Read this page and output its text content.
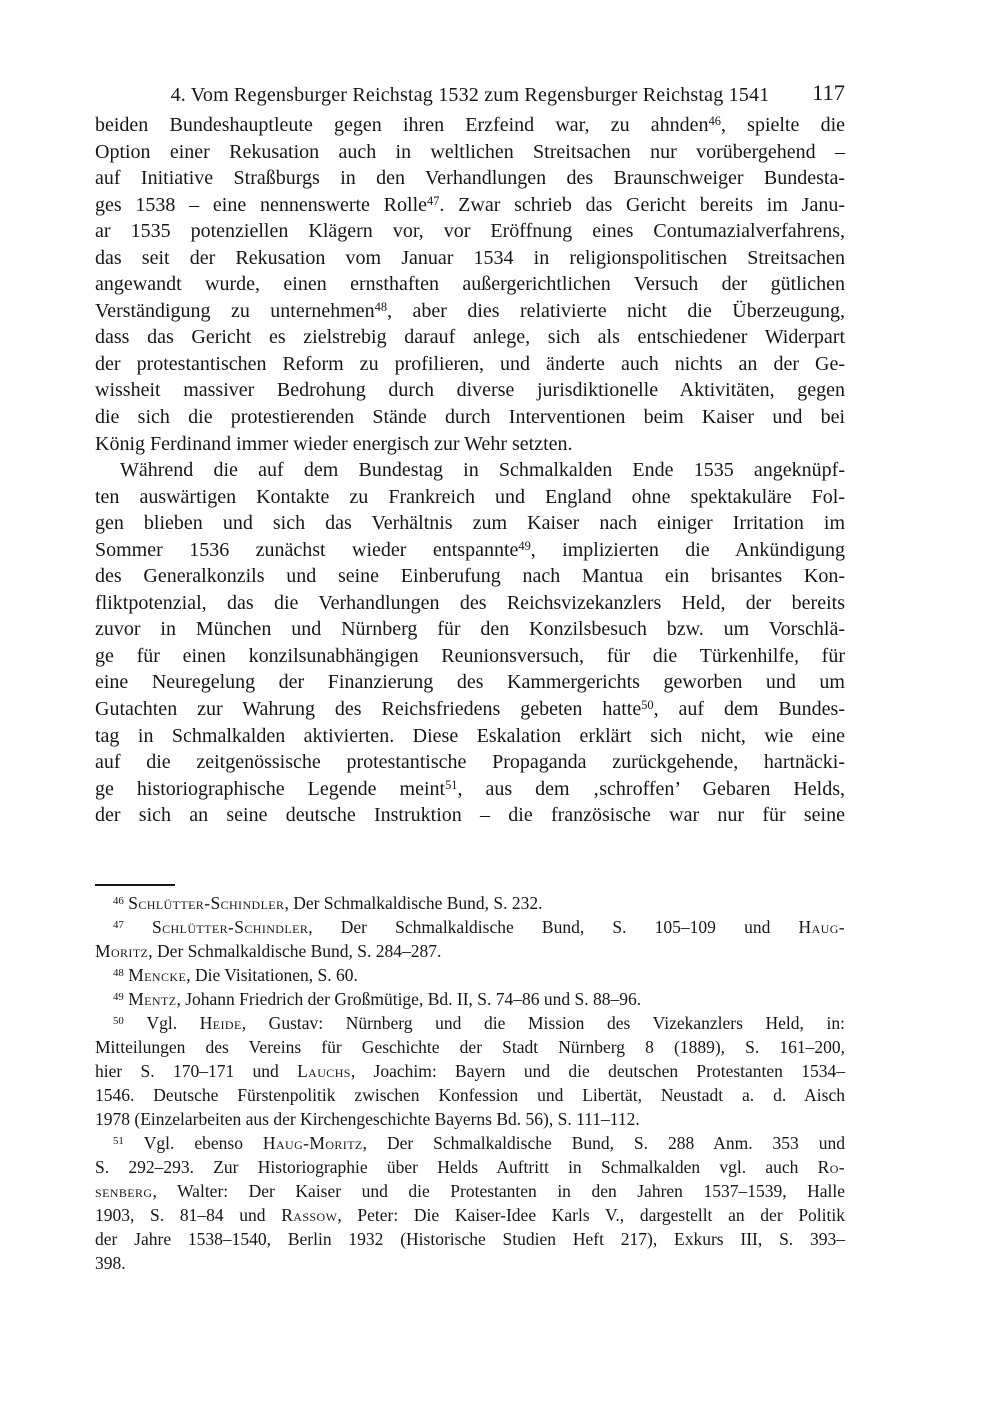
4. Vom Regensburger Reichstag 1532 zum Regensburger Reichstag 1541	117
beiden Bundeshauptleute gegen ihren Erzfeind war, zu ahnden$^{46}$, spielte die
Option einer Rekusation auch in weltlichen Streitsachen nur vorübergehend –
auf Initiative Straßburgs in den Verhandlungen des Braunschweiger Bundesta-
ges 1538 – eine nennenswerte Rolle$^{47}$. Zwar schrieb das Gericht bereits im Janu-
ar 1535 potenziellen Klägern vor, vor Eröffnung eines Contumazialverfahrens,
das seit der Rekusation vom Januar 1534 in religionspolitischen Streitsachen
angewandt wurde, einen ernsthaften außergerichtlichen Versuch der gütlichen
Verständigung zu unternehmen$^{48}$, aber dies relativierte nicht die Überzeugung,
dass das Gericht es zielstrebig darauf anlege, sich als entschiedener Widerpart
der protestantischen Reform zu profilieren, und änderte auch nichts an der Ge-
wissheit massiver Bedrohung durch diverse jurisdiktionelle Aktivitäten, gegen
die sich die protestierenden Stände durch Interventionen beim Kaiser und bei
König Ferdinand immer wieder energisch zur Wehr setzten.
Während die auf dem Bundestag in Schmalkalden Ende 1535 angeknüpf-
ten auswärtigen Kontakte zu Frankreich und England ohne spektakuläre Fol-
gen blieben und sich das Verhältnis zum Kaiser nach einiger Irritation im
Sommer 1536 zunächst wieder entspannte$^{49}$, implizierten die Ankündigung
des Generalkonzils und seine Einberufung nach Mantua ein brisantes Kon-
fliktpotenzial, das die Verhandlungen des Reichsvizekanzlers Held, der bereits
zuvor in München und Nürnberg für den Konzilsbesuch bzw. um Vorschlä-
ge für einen konzilsunabhängigen Reunionsversuch, für die Türkenhilfe, für
eine Neuregelung der Finanzierung des Kammergerichts geworben und um
Gutachten zur Wahrung des Reichsfriedens gebeten hatte$^{50}$, auf dem Bundes-
tag in Schmalkalden aktivierten. Diese Eskalation erklärt sich nicht, wie eine
auf die zeitgenössische protestantische Propaganda zurückgehende, hartnäcki-
ge historiographische Legende meint$^{51}$, aus dem ‚schroffen’ Gebaren Helds,
der sich an seine deutsche Instruktion – die französische war nur für seine
$^{46}$ Schlütter-Schindler, Der Schmalkaldische Bund, S. 232.
$^{47}$ Schlütter-Schindler, Der Schmalkaldische Bund, S. 105–109 und Haug-
Moritz, Der Schmalkaldische Bund, S. 284–287.
$^{48}$ Mencke, Die Visitationen, S. 60.
$^{49}$ Mentz, Johann Friedrich der Großmütige, Bd. II, S. 74–86 und S. 88–96.
$^{50}$ Vgl. Heide, Gustav: Nürnberg und die Mission des Vizekanzlers Held, in:
Mitteilungen des Vereins für Geschichte der Stadt Nürnberg 8 (1889), S. 161–200,
hier S. 170–171 und Lauchs, Joachim: Bayern und die deutschen Protestanten 1534–
1546. Deutsche Fürstenpolitik zwischen Konfession und Libertät, Neustadt a. d. Aisch
1978 (Einzelarbeiten aus der Kirchengeschichte Bayerns Bd. 56), S. 111–112.
$^{51}$ Vgl. ebenso Haug-Moritz, Der Schmalkaldische Bund, S. 288 Anm. 353 und
S. 292–293. Zur Historiographie über Helds Auftritt in Schmalkalden vgl. auch Ro-
senberg, Walter: Der Kaiser und die Protestanten in den Jahren 1537–1539, Halle
1903, S. 81–84 und Rassow, Peter: Die Kaiser-Idee Karls V., dargestellt an der Politik
der Jahre 1538–1540, Berlin 1932 (Historische Studien Heft 217), Exkurs III, S. 393–
398.
